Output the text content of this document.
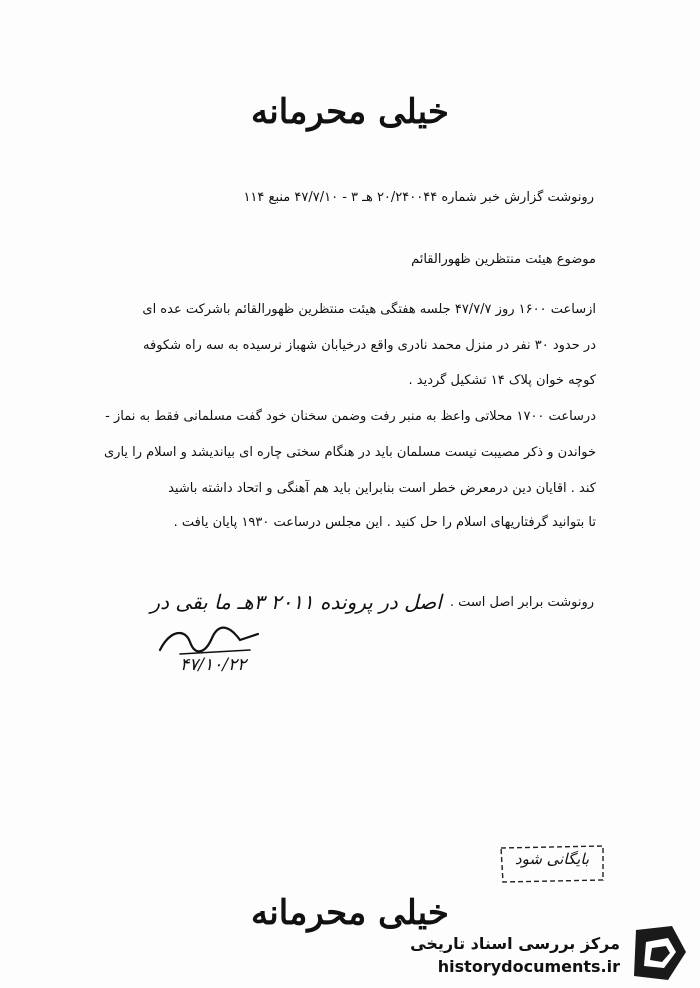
خیلی محرمانه
رونوشت گزارش خبر شماره ۲۰/۲۴۰۰۴۴ هـ ۳ - ۴۷/۷/۱۰ منبع ۱۱۴
موضوع هیئت منتظرین ظهورالقائم
ازساعت ۱۶۰۰ روز ۴۷/۷/۷ جلسه هفتگی هیئت منتظرین ظهورالقائم باشرکت عده ای
در حدود ۳۰ نفر در منزل محمد نادری واقع درخیابان شهباز نرسیده به سه راه شکوفه
کوچه خوان پلاک ۱۴ تشکیل گردید .
درساعت ۱۷۰۰ محلاتی واعظ به منبر رفت وضمن سخنان خود گفت مسلمانی فقط به نماز -
خواندن و ذکر مصیبت نیست مسلمان باید در هنگام سختی چاره ای بیاندیشد و اسلام را یاری
کند . اقایان دین درمعرض خطر است بنابراین باید هم آهنگی و اتحاد داشته باشید
تا بتوانید گرفتاریهای اسلام را حل کنید . این مجلس درساعت ۱۹۳۰ پایان یافت .
رونوشت برابر اصل است .
اصل در پرونده ۲۰۱۱ ۳هـ ما بقی در
۴۷/۱۰/۲۲
بایگانی شود
خیلی محرمانه
مرکز بررسی اسناد تاریخی
historydocuments.ir
